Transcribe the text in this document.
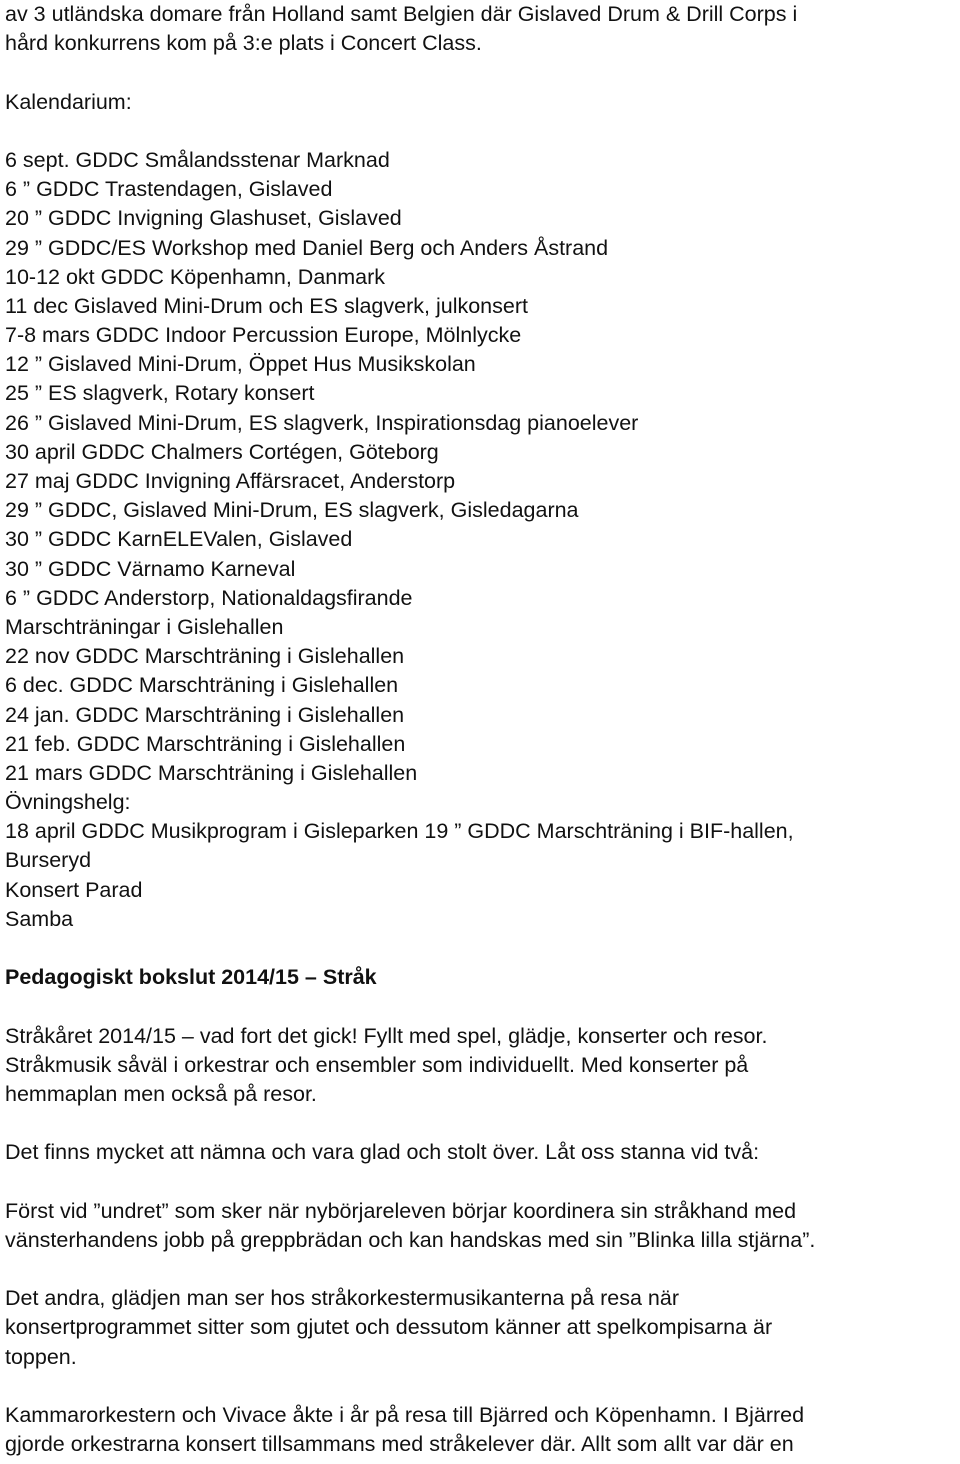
av 3 utländska domare från Holland samt Belgien där Gislaved Drum & Drill Corps i
hård konkurrens kom på 3:e plats i Concert Class.
Kalendarium:
6 sept. GDDC Smålandsstenar Marknad
6 ” GDDC Trastendagen, Gislaved
20 ” GDDC Invigning Glashuset, Gislaved
29 ” GDDC/ES Workshop med Daniel Berg och Anders Åstrand
10-12 okt GDDC Köpenhamn, Danmark
11 dec Gislaved Mini-Drum och ES slagverk, julkonsert
7-8 mars GDDC Indoor Percussion Europe, Mölnlycke
12 ” Gislaved Mini-Drum, Öppet Hus Musikskolan
25 ” ES slagverk, Rotary konsert
26 ” Gislaved Mini-Drum, ES slagverk, Inspirationsdag pianoelever
30 april GDDC Chalmers Cortégen, Göteborg
27 maj GDDC Invigning Affärsracet, Anderstorp
29 ” GDDC, Gislaved Mini-Drum, ES slagverk, Gisledagarna
30 ” GDDC KarnELEValen, Gislaved
30 ” GDDC Värnamo Karneval
6 ” GDDC Anderstorp, Nationaldagsfirande
Marschträningar i Gislehallen
22 nov GDDC Marschträning i Gislehallen
6 dec. GDDC Marschträning i Gislehallen
24 jan. GDDC Marschträning i Gislehallen
21 feb. GDDC Marschträning i Gislehallen
21 mars GDDC Marschträning i Gislehallen
Övningshelg:
18 april GDDC Musikprogram i Gisleparken 19 ” GDDC Marschträning i BIF-hallen,
Burseryd
Konsert Parad
Samba
Pedagogiskt bokslut 2014/15 – Stråk
Stråkåret 2014/15 – vad fort det gick! Fyllt med spel, glädje, konserter och resor.
Stråkmusik såväl i orkestrar och ensembler som individuellt. Med konserter på
hemmaplan men också på resor.
Det finns mycket att nämna och vara glad och stolt över. Låt oss stanna vid två:
Först vid ”undret” som sker när nybörjareleven börjar koordinera sin stråkhand med
vänsterhandens jobb på greppbrädan och kan handskas med sin ”Blinka lilla stjärna”.
Det andra, glädjen man ser hos stråkorkestermusikanterna på resa när
konsertprogrammet sitter som gjutet och dessutom känner att spelkompisarna är
toppen.
Kammarorkestern och Vivace åkte i år på resa till Bjärred och Köpenhamn. I Bjärred
gjorde orkestrarna konsert tillsammans med stråkelever där. Allt som allt var där en
